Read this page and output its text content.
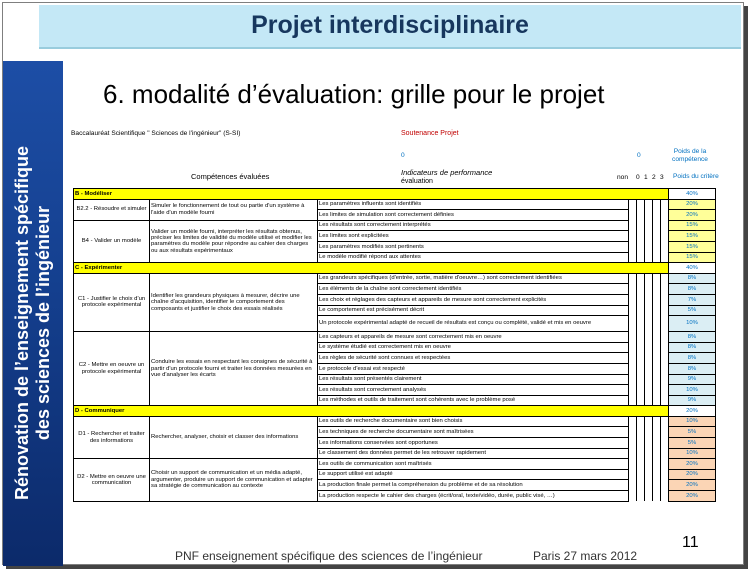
Projet interdisciplinaire
Rénovation de l’enseignement spécifique des sciences de l’ingénieur
6. modalité d’évaluation: grille pour le projet
Baccalauréat Scientifique " Sciences de l'ingénieur" (S-SI)	Soutenance Projet
0	0
Poids de la compétence
Compétences évaluées	Indicateurs de performance
évaluation
non 0 1 2 3 Poids du critère
B - Modéliser								40%
B2.2 - Résoudre et simuler	Simuler le fonctionnement de tout ou partie d'un système à l'aide d'un modèle fourni	Les paramètres influents sont identifiés						20%
		Les limites de simulation sont correctement définies						20%
B4 - Valider un modèle	Valider un modèle fourni, interpréter les résultats obtenus, préciser les limites de validité du modèle utilisé et modifier les paramètres du modèle pour répondre au cahier des charges ou aux résultats expérimentaux	Les résultats sont correctement interprétés						15%
		Les limites sont explicitées						15%
		Les paramètres modifiés sont pertinents						15%
		Le modèle modifié répond aux attentes						15%
C - Expérimenter								40%
C1 - Justifier le choix d'un protocole expérimental	Identifier les grandeurs physiques à mesurer, décrire une chaîne d'acquisition, identifier le comportement des composants et justifier le choix des essais réalisés	Les grandeurs spécifiques (d'entrée, sortie, matière d'oeuvre…) sont correctement identifiées						8%
		Les éléments de la chaîne sont correctement identifiés						8%
		Les choix et réglages des capteurs et appareils de mesure sont correctement explicités						7%
		Le comportement est précisément décrit						5%
		Un protocole expérimental adapté de recueil de résultats est conçu ou complété, validé et mis en oeuvre						10%
C2 - Mettre en oeuvre un protocole expérimental	Conduire les essais en respectant les consignes de sécurité à partir d'un protocole fourni et traiter les données mesurées en vue d'analyser les écarts	Les capteurs et appareils de mesure sont correctement mis en oeuvre						8%
		Le système étudié est correctement mis en oeuvre						8%
		Les règles de sécurité sont connues et respectées						8%
		Le protocole d'essai est respecté						8%
		Les résultats sont présentés clairement						9%
		Les résultats sont correctement analysés						10%
		Les méthodes et outils de traitement sont cohérents avec le problème posé						9%
D - Communiquer								20%
D1 - Rechercher et traiter des informations	Rechercher, analyser, choisir et classer des informations	Les outils de recherche documentaire sont bien choisis						10%
		Les techniques de recherche documentaire sont maîtrisées						5%
		Les informations conservées sont opportunes						5%
		Le classement des données permet de les retrouver rapidement						10%
D2 - Mettre en oeuvre une communication	Choisir un support de communication et un média adapté, argumenter, produire un support de communication et adapter sa stratégie de communication au contexte	Les outils de communication sont maîtrisés						20%
		Le support utilisé est adapté						20%
		La production finale permet la compréhension du problème et de sa résolution						20%
		La production respecte le cahier des charges (écrit/oral, texte/vidéo, durée, public visé, …)						20%
PNF enseignement spécifique des sciences de l’ingénieur	Paris 27 mars 2012
11
